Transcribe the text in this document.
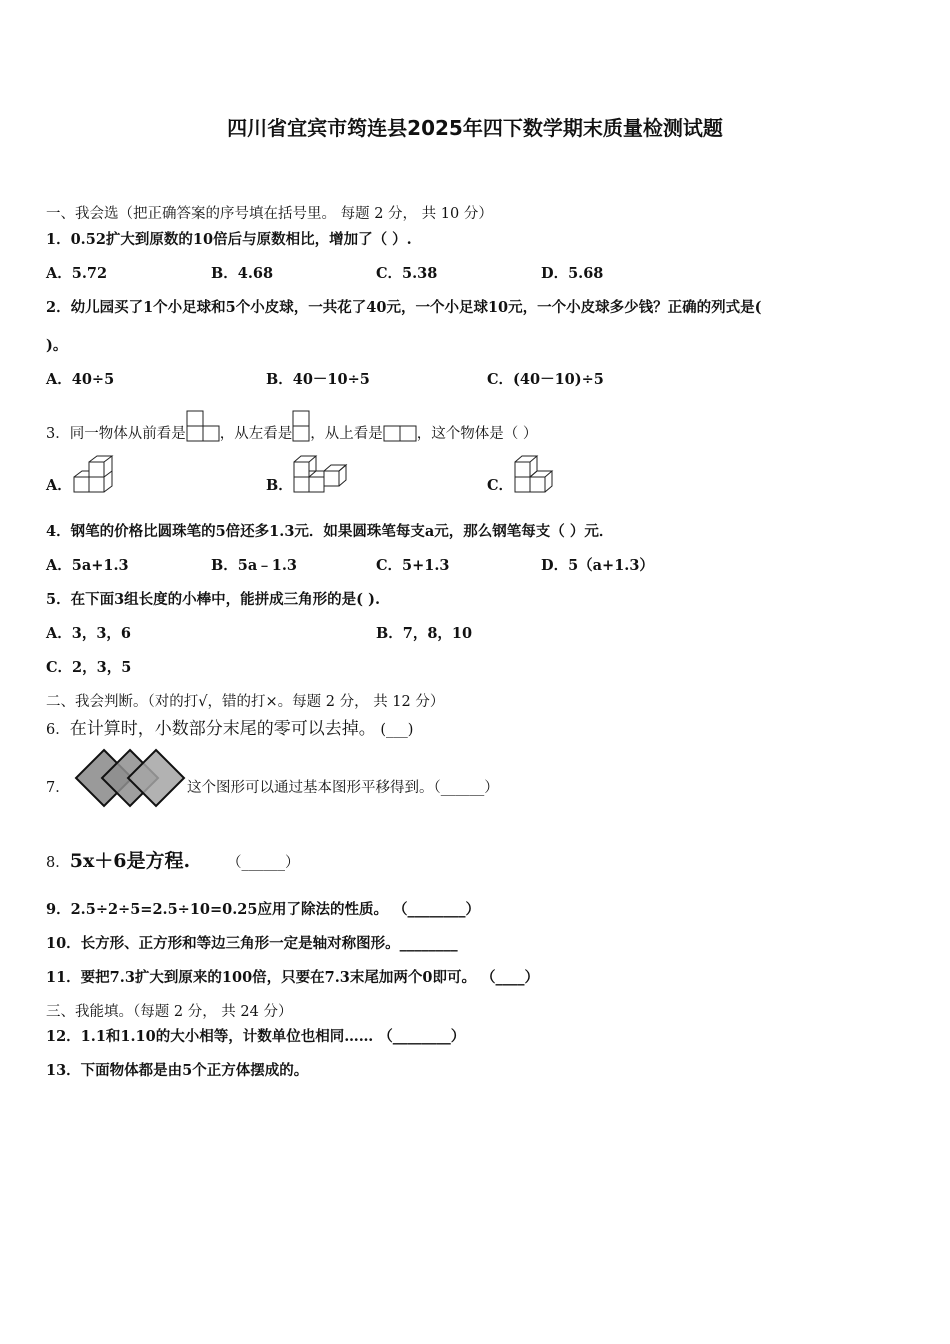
四川省宜宾市筠连县2025年四下数学期末质量检测试题
一、我会选（把正确答案的序号填在括号里。 每题 2 分， 共 10 分）
1．0.52扩大到原数的10倍后与原数相比，增加了（ ）.
A．5.72	B．4.68	C．5.38	D．5.68
2．幼儿园买了1个小足球和5个小皮球，一共花了40元，一个小足球10元，一个小皮球多少钱？正确的列式是(
)。
A．40÷5	B．40－10÷5	C．(40－10)÷5
3．同一物体从前看是 ，从左看是 ，从上看是 ，这个物体是（ ）
A．	B．	C．
4．钢笔的价格比圆珠笔的5倍还多1.3元．如果圆珠笔每支a元，那么钢笔每支（ ）元．
A．5a+1.3	B．5a﹣1.3	C．5+1.3	D．5（a+1.3）
5．在下面3组长度的小棒中，能拼成三角形的是( ).
A．3，3，6	B．7，8，10
C．2，3，5
二、我会判断。（对的打√，错的打×。每题 2 分， 共 12 分）
6．在计算时，小数部分末尾的零可以去掉。 (___)
7．	这个图形可以通过基本图形平移得到。（______）
8．5x＋6是方程.	（______）
9．2.5÷2÷5=2.5÷10=0.25应用了除法的性质。 （________）
10．长方形、正方形和等边三角形一定是轴对称图形。________
11．要把7.3扩大到原来的100倍，只要在7.3末尾加两个0即可。 （____）
三、我能填。（每题 2 分， 共 24 分）
12．1.1和1.10的大小相等，计数单位也相同…… （________）
13．下面物体都是由5个正方体摆成的。
